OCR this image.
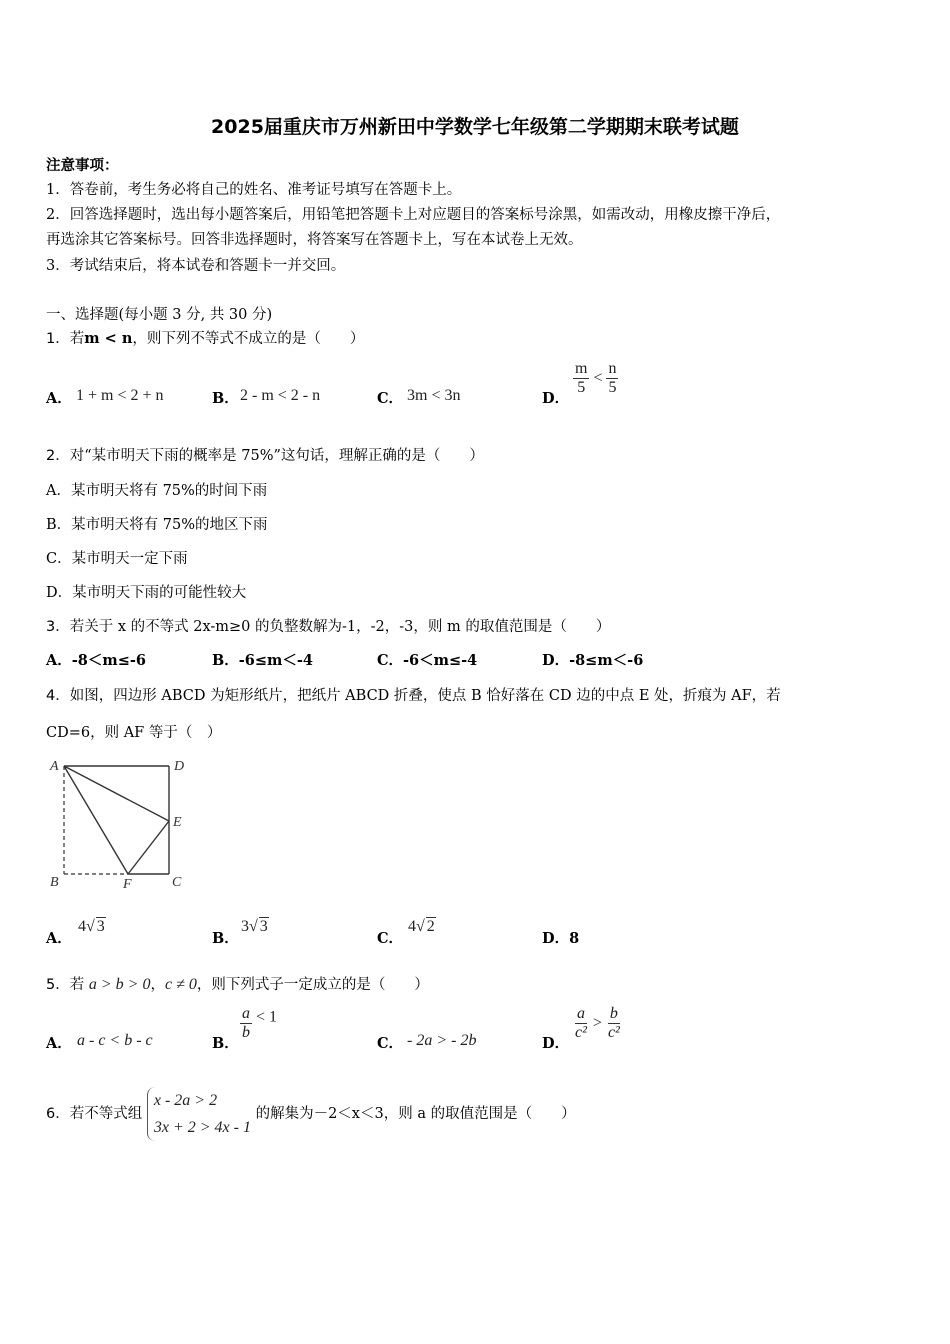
2025届重庆市万州新田中学数学七年级第二学期期末联考试题
注意事项：
1．答卷前，考生务必将自己的姓名、准考证号填写在答题卡上。
2．回答选择题时，选出每小题答案后，用铅笔把答题卡上对应题目的答案标号涂黑，如需改动，用橡皮擦干净后，
再选涂其它答案标号。回答非选择题时，将答案写在答题卡上，写在本试卷上无效。
3．考试结束后，将本试卷和答题卡一并交回。
一、选择题(每小题 3 分, 共 30 分)
1．若m < n，则下列不等式不成立的是（　　）
A． 1 + m < 2 + n	B． 2 - m < 2 - n	C． 3m < 3n	D．
$\frac{m}{5} < \frac{n}{5}$
2．对“某市明天下雨的概率是 75%”这句话，理解正确的是（　　）
A．某市明天将有 75%的时间下雨
B．某市明天将有 75%的地区下雨
C．某市明天一定下雨
D．某市明天下雨的可能性较大
3．若关于 x 的不等式 2x-m≥0 的负整数解为-1，-2，-3，则 m 的取值范围是（　　）
A．-8＜m≤-6	B．-6≤m＜-4	C．-6＜m≤-4	D．-8≤m＜-6
4．如图，四边形 ABCD 为矩形纸片，把纸片 ABCD 折叠，使点 B 恰好落在 CD 边的中点 E 处，折痕为 AF，若
CD=6，则 AF 等于（　）
A	D
E
B	F	C
A．
4√ 3
B．
3√ 3
C．
4√ 2
D．8
5．若 a > b > 0，c ≠ 0，则下列式子一定成立的是（　　）
A． a - c < b - c	B．
$\frac{a}{b} < 1$
C． - 2a > - 2b	D．
$\frac{a}{\text{c²}} > \frac{b}{\text{c²}}$
6．若不等式组 x - 2a > 2
3x + 2 > 4x - 1 的解集为－2＜x＜3，则 a 的取值范围是（　　）
